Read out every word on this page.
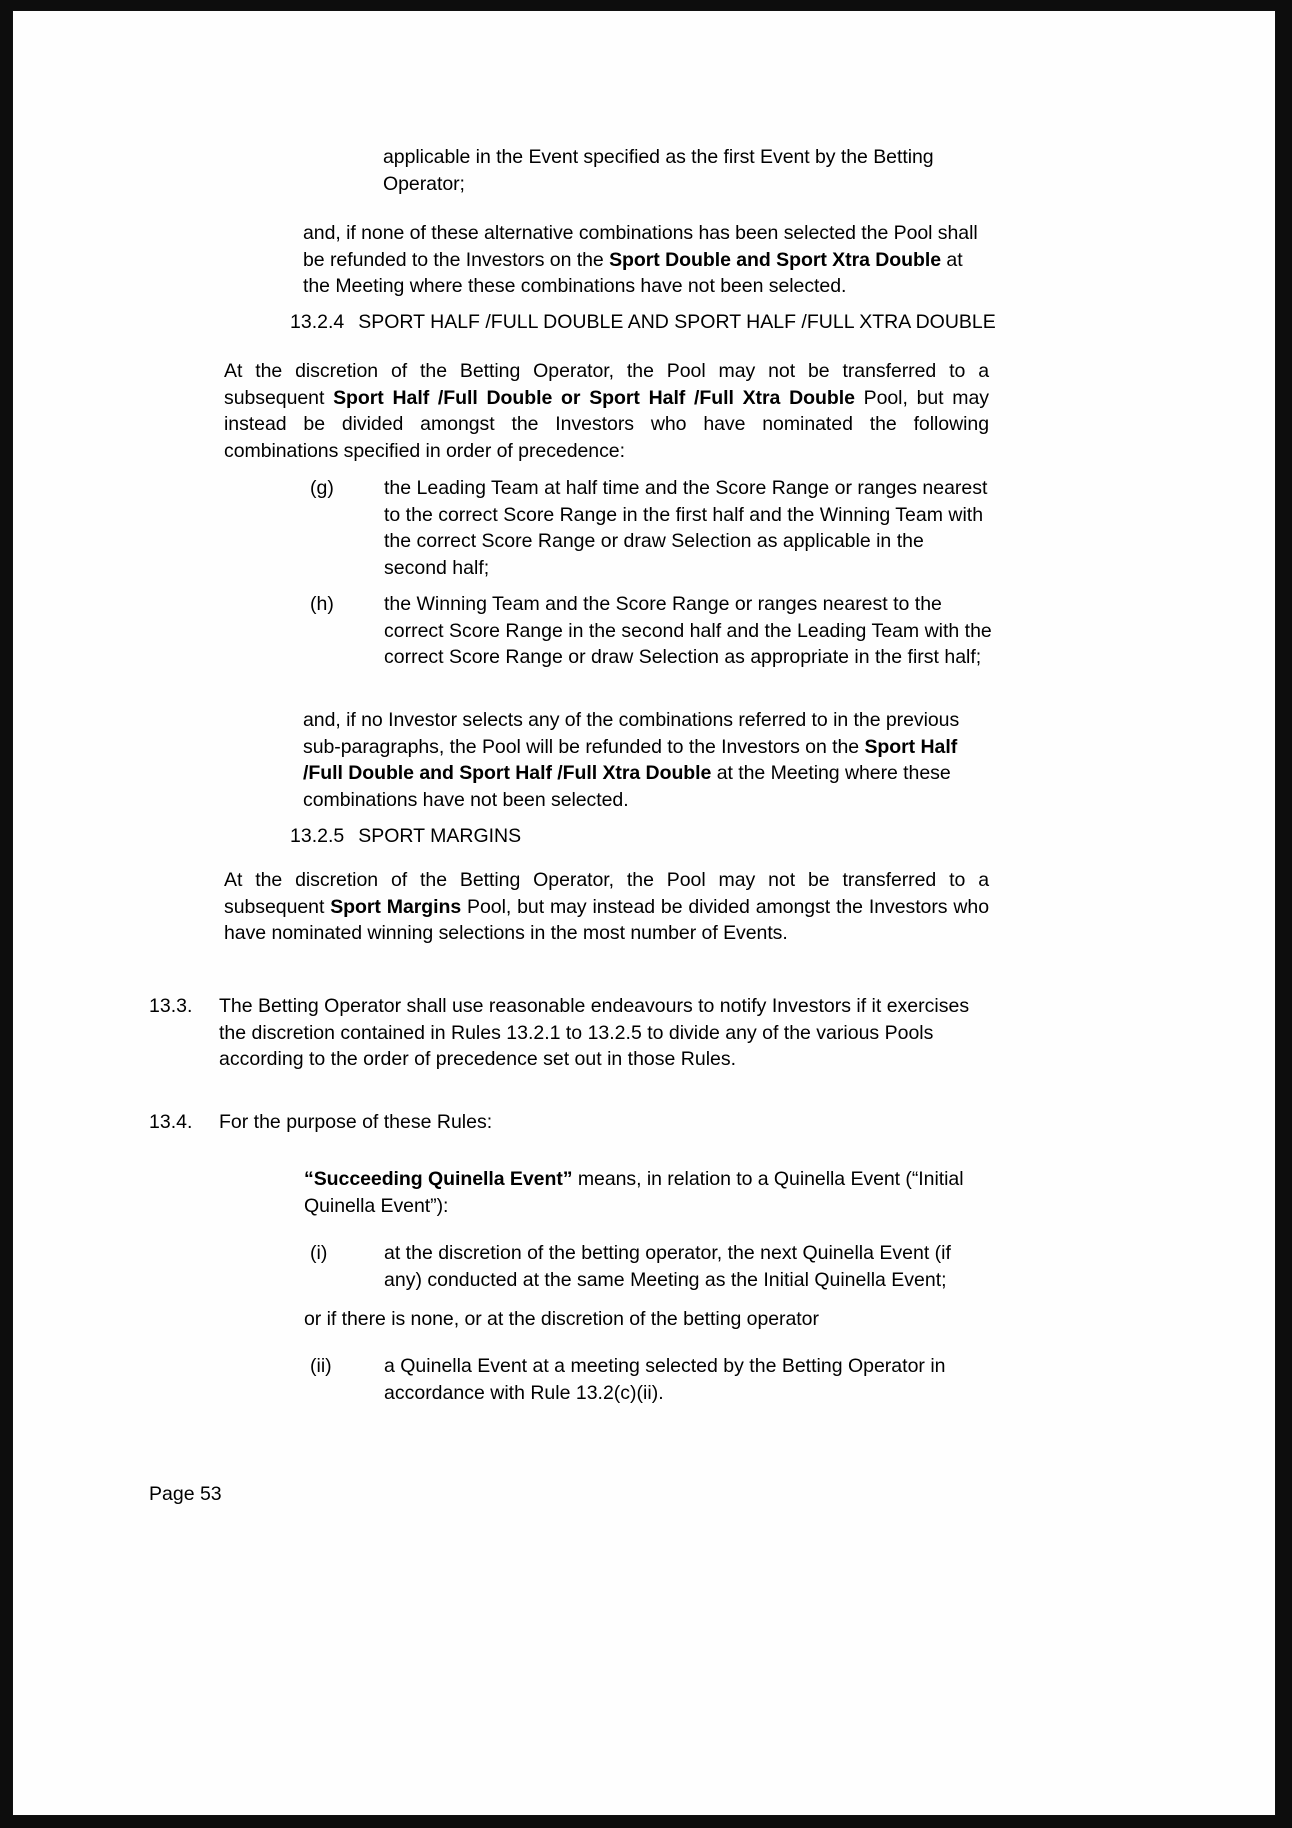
applicable in the Event specified as the first Event by the Betting Operator;
and, if none of these alternative combinations has been selected the Pool shall be refunded to the Investors on the Sport Double and Sport Xtra Double at the Meeting where these combinations have not been selected.
13.2.4 SPORT HALF /FULL DOUBLE AND SPORT HALF /FULL XTRA DOUBLE
At the discretion of the Betting Operator, the Pool may not be transferred to a subsequent Sport Half /Full Double or Sport Half /Full Xtra Double Pool, but may instead be divided amongst the Investors who have nominated the following combinations specified in order of precedence:
(g)	the Leading Team at half time and the Score Range or ranges nearest to the correct Score Range in the first half and the Winning Team with the correct Score Range or draw Selection as applicable in the second half;
(h)	the Winning Team and the Score Range or ranges nearest to the correct Score Range in the second half and the Leading Team with the correct Score Range or draw Selection as appropriate in the first half;
and, if no Investor selects any of the combinations referred to in the previous sub-paragraphs, the Pool will be refunded to the Investors on the Sport Half /Full Double and Sport Half /Full Xtra Double at the Meeting where these combinations have not been selected.
13.2.5 SPORT MARGINS
At the discretion of the Betting Operator, the Pool may not be transferred to a subsequent Sport Margins Pool, but may instead be divided amongst the Investors who have nominated winning selections in the most number of Events.
13.3.	The Betting Operator shall use reasonable endeavours to notify Investors if it exercises the discretion contained in Rules 13.2.1 to 13.2.5 to divide any of the various Pools according to the order of precedence set out in those Rules.
13.4.	For the purpose of these Rules:
“Succeeding Quinella Event” means, in relation to a Quinella Event (“Initial Quinella Event”):
(i)	at the discretion of the betting operator, the next Quinella Event (if any) conducted at the same Meeting as the Initial Quinella Event;
or if there is none, or at the discretion of the betting operator
(ii)	a Quinella Event at a meeting selected by the Betting Operator in accordance with Rule 13.2(c)(ii).
Page 53
